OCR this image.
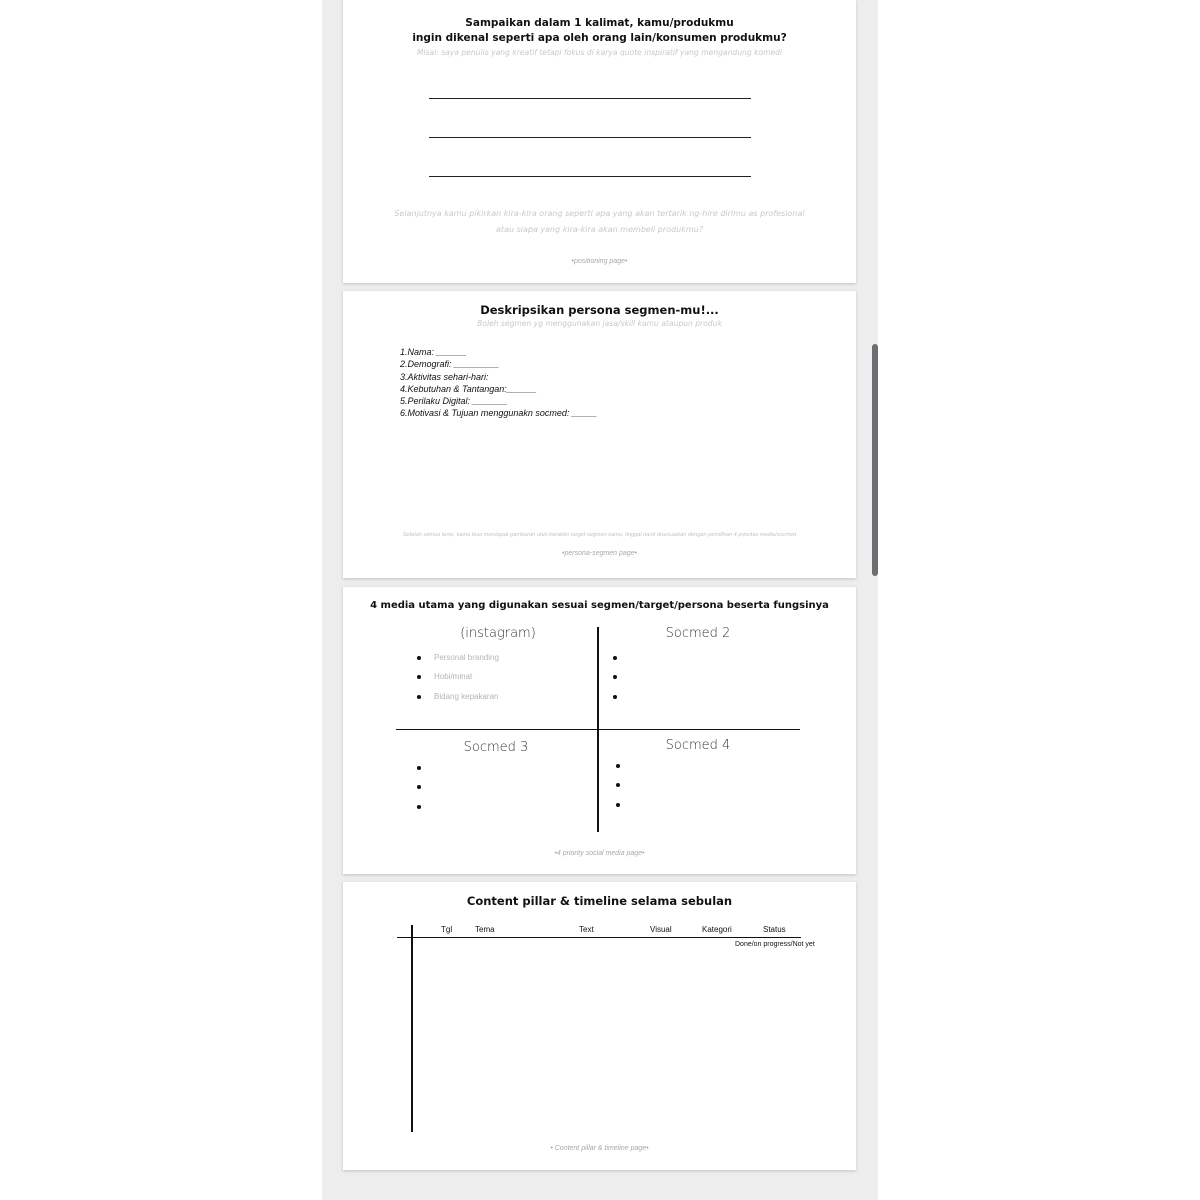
Sampaikan dalam 1 kalimat, kamu/produkmu
ingin dikenal seperti apa oleh orang lain/konsumen produkmu?
Misal: saya penulis yang kreatif tetapi fokus di karya quote inspiratif yang mengandung komedi
Selanjutnya kamu pikirkan kira-kira orang seperti apa yang akan tertarik ng-hire dirimu as profesional
atau siapa yang kira-kira akan membeli produkmu?
•positioning page•
Deskripsikan persona segmen-mu!...
Boleh segmen yg menggunakan jasa/skill kamu ataupun produk
1.Nama: ______
2.Demografi: _________
3.Aktivitas sehari-hari:
4.Kebutuhan & Tantangan:______
5.Perilaku Digital: _______
6.Motivasi & Tujuan menggunakn socmed: _____
Setelah semua terisi, kamu bisa mendapat gambaran utuh karakter target segmen kamu, tinggal nanti disesuaikan dengan pemilihan 4 prioritas media/socmed
•persona-segmen page•
4 media utama yang digunakan sesuai segmen/target/persona beserta fungsinya
(instagram)
Personal branding
Hobi/minat
Bidang kepakaran
Socmed 2
Socmed 3	Socmed 4
•4 priority social media page•
Content pillar & timeline selama sebulan
Tgl	Tema	Text	Visual	Kategori	Status
Done/on progress/Not yet
• Content pillar & timeline page•
